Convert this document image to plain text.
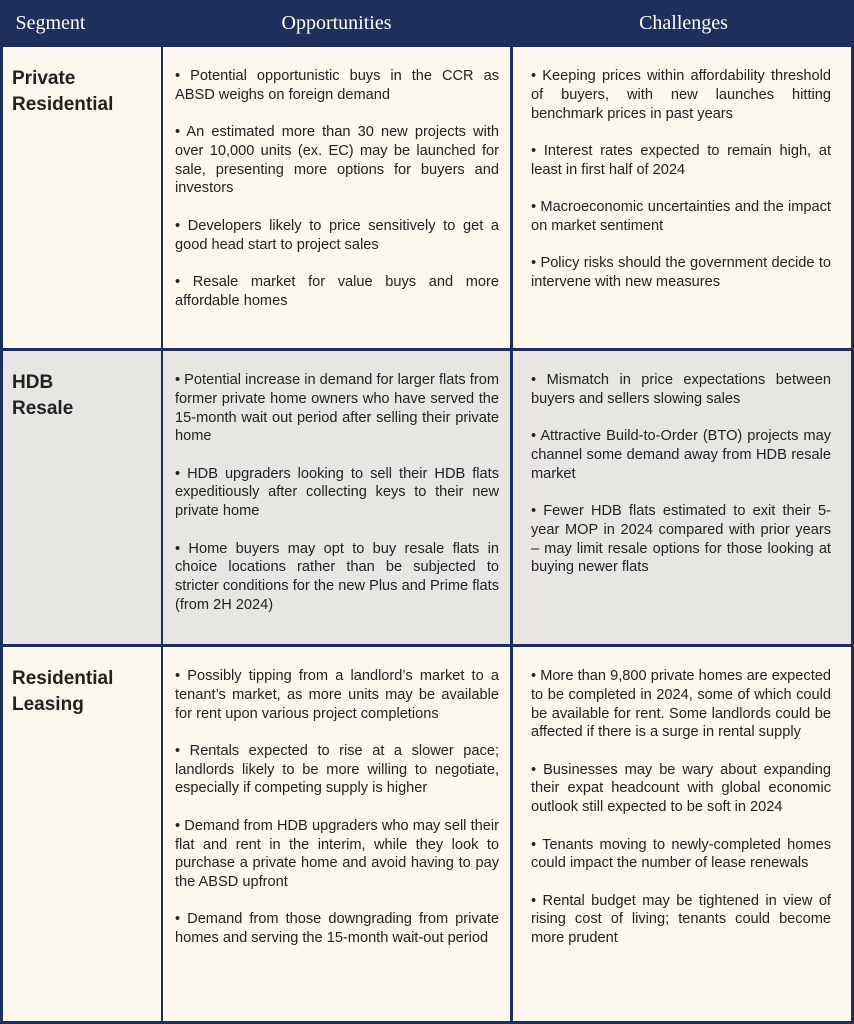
Segment	Opportunities	Challenges
Private
Residential

• Potential opportunistic buys in the CCR as ABSD weighs on foreign demand

• An estimated more than 30 new projects with over 10,000 units (ex. EC) may be launched for sale, presenting more options for buyers and investors

• Developers likely to price sensitively to get a good head start to project sales

• Resale market for value buys and more affordable homes

• Keeping prices within affordability threshold of buyers, with new launches hitting benchmark prices in past years

• Interest rates expected to remain high, at least in first half of 2024

• Macroeconomic uncertainties and the impact on market sentiment

• Policy risks should the government decide to intervene with new measures

HDB
Resale

• Potential increase in demand for larger flats from former private home owners who have served the 15-month wait out period after selling their private home

• HDB upgraders looking to sell their HDB flats expeditiously after collecting keys to their new private home

• Home buyers may opt to buy resale flats in choice locations rather than be subjected to stricter conditions for the new Plus and Prime flats (from 2H 2024)

• Mismatch in price expectations between buyers and sellers slowing sales

• Attractive Build-to-Order (BTO) projects may channel some demand away from HDB resale market

• Fewer HDB flats estimated to exit their 5-year MOP in 2024 compared with prior years – may limit resale options for those looking at buying newer flats

Residential
Leasing

• Possibly tipping from a landlord’s market to a tenant’s market, as more units may be available for rent upon various project completions

• Rentals expected to rise at a slower pace; landlords likely to be more willing to negotiate, especially if competing supply is higher

• Demand from HDB upgraders who may sell their flat and rent in the interim, while they look to purchase a private home and avoid having to pay the ABSD upfront

• Demand from those downgrading from private homes and serving the 15-month wait-out period

• More than 9,800 private homes are expected to be completed in 2024, some of which could be available for rent. Some landlords could be affected if there is a surge in rental supply

• Businesses may be wary about expanding their expat headcount with global economic outlook still expected to be soft in 2024

• Tenants moving to newly-completed homes could impact the number of lease renewals

• Rental budget may be tightened in view of rising cost of living; tenants could become more prudent
